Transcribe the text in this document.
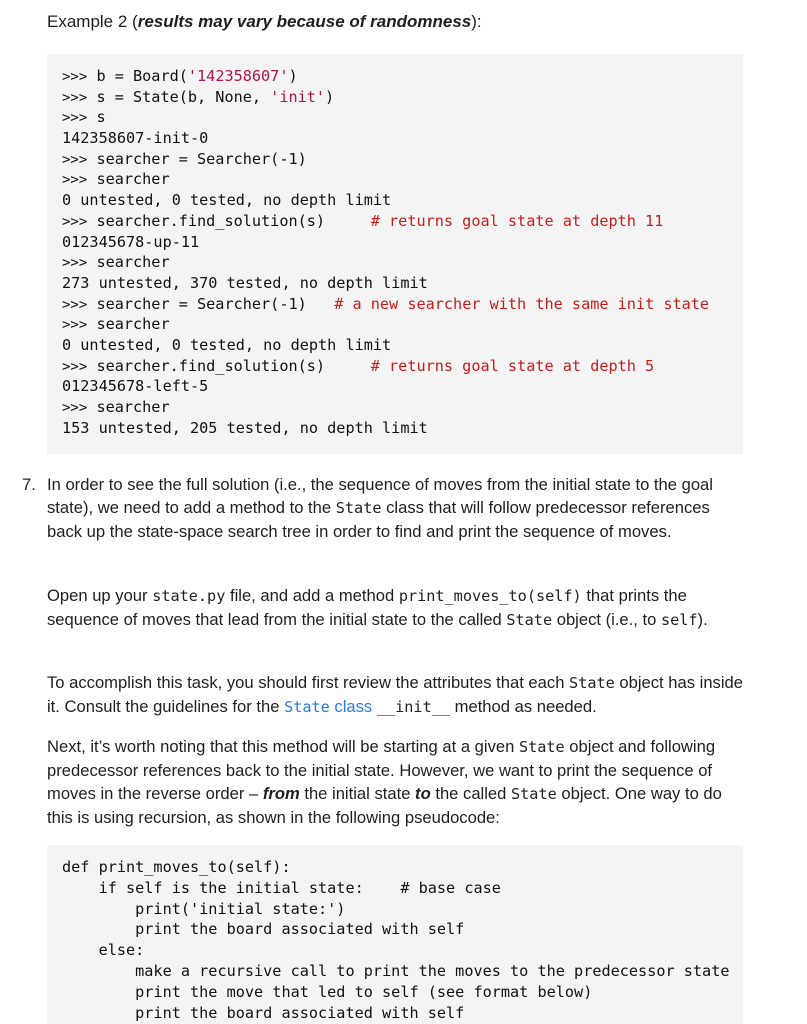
Example 2 (results may vary because of randomness):
>>> b = Board('142358607')
>>> s = State(b, None, 'init')
>>> s
142358607-init-0
>>> searcher = Searcher(-1)
>>> searcher
0 untested, 0 tested, no depth limit
>>> searcher.find_solution(s)     # returns goal state at depth 11
012345678-up-11
>>> searcher
273 untested, 370 tested, no depth limit
>>> searcher = Searcher(-1)   # a new searcher with the same init state
>>> searcher
0 untested, 0 tested, no depth limit
>>> searcher.find_solution(s)     # returns goal state at depth 5
012345678-left-5
>>> searcher
153 untested, 205 tested, no depth limit
7. In order to see the full solution (i.e., the sequence of moves from the initial state to the goal state), we need to add a method to the State class that will follow predecessor references back up the state-space search tree in order to find and print the sequence of moves.

Open up your state.py file, and add a method print_moves_to(self) that prints the sequence of moves that lead from the initial state to the called State object (i.e., to self).

To accomplish this task, you should first review the attributes that each State object has inside it. Consult the guidelines for the State class __init__ method as needed.

Next, it’s worth noting that this method will be starting at a given State object and following predecessor references back to the initial state. However, we want to print the sequence of moves in the reverse order – from the initial state to the called State object. One way to do this is using recursion, as shown in the following pseudocode:

def print_moves_to(self):
if self is the initial state:    # base case
print('initial state:')
print the board associated with self
else:
make a recursive call to print the moves to the predecessor state
print the move that led to self (see format below)
print the board associated with self
